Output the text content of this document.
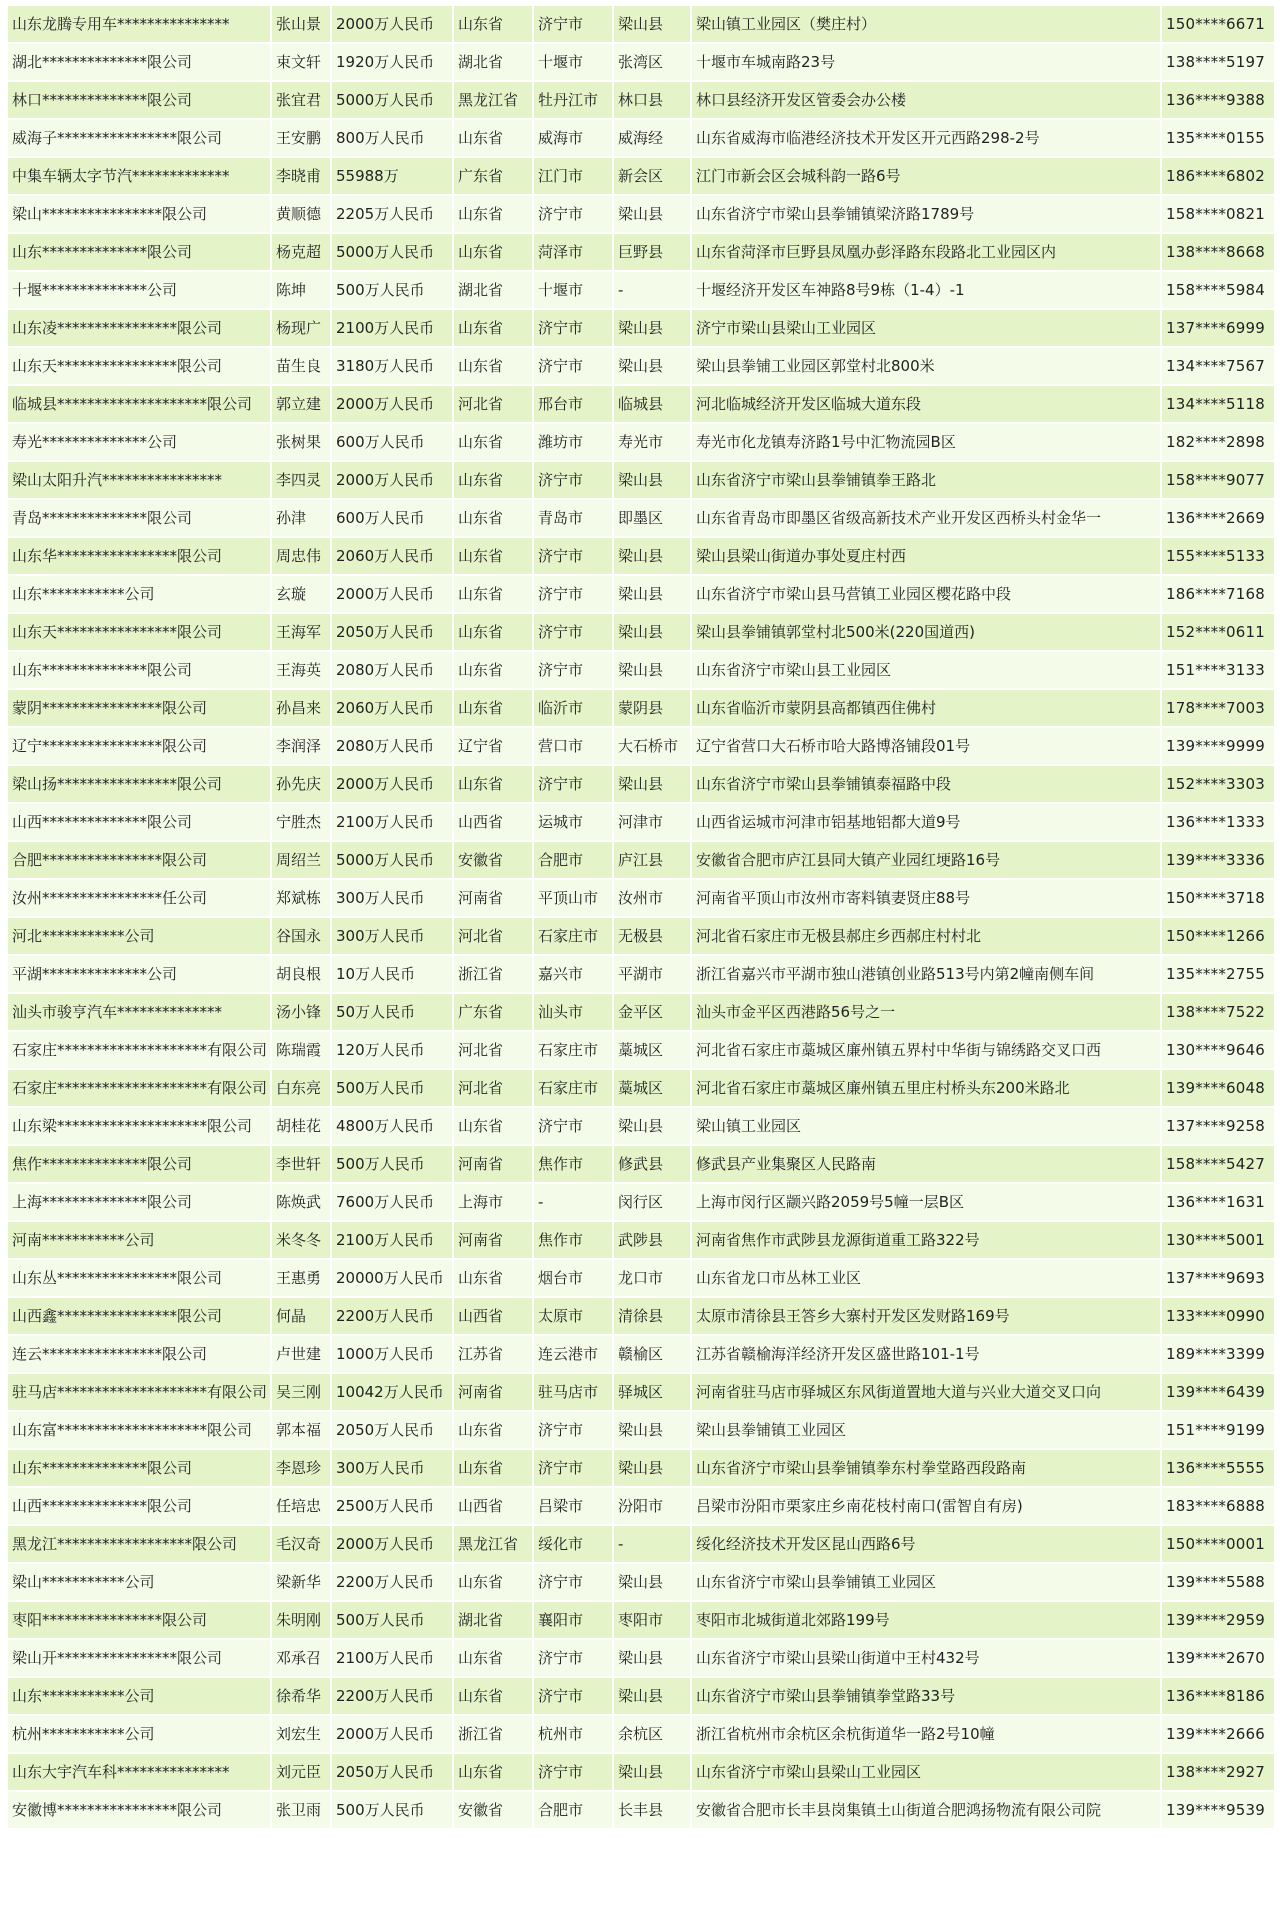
山东龙腾专用车***************	张山景	2000万人民币	山东省	济宁市	梁山县	梁山镇工业园区（樊庄村）	150****6671
湖北**************限公司	束文轩	1920万人民币	湖北省	十堰市	张湾区	十堰市车城南路23号	138****5197
林口**************限公司	张宜君	5000万人民币	黑龙江省	牡丹江市	林口县	林口县经济开发区管委会办公楼	136****9388
威海子****************限公司	王安鹏	800万人民币	山东省	威海市	威海经	山东省威海市临港经济技术开发区开元西路298-2号	135****0155
中集车辆太字节汽*************	李晓甫	55988万	广东省	江门市	新会区	江门市新会区会城科韵一路6号	186****6802
梁山****************限公司	黄顺德	2205万人民币	山东省	济宁市	梁山县	山东省济宁市梁山县拳铺镇梁济路1789号	158****0821
山东**************限公司	杨克超	5000万人民币	山东省	菏泽市	巨野县	山东省菏泽市巨野县凤凰办彭泽路东段路北工业园区内	138****8668
十堰**************公司	陈坤	500万人民币	湖北省	十堰市	-	十堰经济开发区车神路8号9栋（1-4）-1	158****5984
山东凌****************限公司	杨现广	2100万人民币	山东省	济宁市	梁山县	济宁市梁山县梁山工业园区	137****6999
山东天****************限公司	苗生良	3180万人民币	山东省	济宁市	梁山县	梁山县拳铺工业园区郭堂村北800米	134****7567
临城县********************限公司	郭立建	2000万人民币	河北省	邢台市	临城县	河北临城经济开发区临城大道东段	134****5118
寿光**************公司	张树果	600万人民币	山东省	潍坊市	寿光市	寿光市化龙镇寿济路1号中汇物流园B区	182****2898
梁山太阳升汽****************	李四灵	2000万人民币	山东省	济宁市	梁山县	山东省济宁市梁山县拳铺镇拳王路北	158****9077
青岛**************限公司	孙津	600万人民币	山东省	青岛市	即墨区	山东省青岛市即墨区省级高新技术产业开发区西桥头村金华一	136****2669
山东华****************限公司	周忠伟	2060万人民币	山东省	济宁市	梁山县	梁山县梁山街道办事处夏庄村西	155****5133
山东***********公司	玄璇	2000万人民币	山东省	济宁市	梁山县	山东省济宁市梁山县马营镇工业园区樱花路中段	186****7168
山东天****************限公司	王海军	2050万人民币	山东省	济宁市	梁山县	梁山县拳铺镇郭堂村北500米(220国道西)	152****0611
山东**************限公司	王海英	2080万人民币	山东省	济宁市	梁山县	山东省济宁市梁山县工业园区	151****3133
蒙阴****************限公司	孙昌来	2060万人民币	山东省	临沂市	蒙阴县	山东省临沂市蒙阴县高都镇西住佛村	178****7003
辽宁****************限公司	李润泽	2080万人民币	辽宁省	营口市	大石桥市	辽宁省营口大石桥市哈大路博洛铺段01号	139****9999
梁山扬****************限公司	孙先庆	2000万人民币	山东省	济宁市	梁山县	山东省济宁市梁山县拳铺镇泰福路中段	152****3303
山西**************限公司	宁胜杰	2100万人民币	山西省	运城市	河津市	山西省运城市河津市铝基地铝都大道9号	136****1333
合肥****************限公司	周绍兰	5000万人民币	安徽省	合肥市	庐江县	安徽省合肥市庐江县同大镇产业园红埂路16号	139****3336
汝州****************任公司	郑斌栋	300万人民币	河南省	平顶山市	汝州市	河南省平顶山市汝州市寄料镇妻贤庄88号	150****3718
河北***********公司	谷国永	300万人民币	河北省	石家庄市	无极县	河北省石家庄市无极县郝庄乡西郝庄村村北	150****1266
平湖**************公司	胡良根	10万人民币	浙江省	嘉兴市	平湖市	浙江省嘉兴市平湖市独山港镇创业路513号内第2幢南侧车间	135****2755
汕头市骏亨汽车**************	汤小锋	50万人民币	广东省	汕头市	金平区	汕头市金平区西港路56号之一	138****7522
石家庄********************有限公司	陈瑞霞	120万人民币	河北省	石家庄市	藁城区	河北省石家庄市藁城区廉州镇五界村中华街与锦绣路交叉口西	130****9646
石家庄********************有限公司	白东亮	500万人民币	河北省	石家庄市	藁城区	河北省石家庄市藁城区廉州镇五里庄村桥头东200米路北	139****6048
山东梁********************限公司	胡桂花	4800万人民币	山东省	济宁市	梁山县	梁山镇工业园区	137****9258
焦作**************限公司	李世轩	500万人民币	河南省	焦作市	修武县	修武县产业集聚区人民路南	158****5427
上海**************限公司	陈焕武	7600万人民币	上海市	-	闵行区	上海市闵行区颛兴路2059号5幢一层B区	136****1631
河南***********公司	米冬冬	2100万人民币	河南省	焦作市	武陟县	河南省焦作市武陟县龙源街道重工路322号	130****5001
山东丛****************限公司	王惠勇	20000万人民币	山东省	烟台市	龙口市	山东省龙口市丛林工业区	137****9693
山西鑫****************限公司	何晶	2200万人民币	山西省	太原市	清徐县	太原市清徐县王答乡大寨村开发区发财路169号	133****0990
连云****************限公司	卢世建	1000万人民币	江苏省	连云港市	赣榆区	江苏省赣榆海洋经济开发区盛世路101-1号	189****3399
驻马店********************有限公司	吴三刚	10042万人民币	河南省	驻马店市	驿城区	河南省驻马店市驿城区东风街道置地大道与兴业大道交叉口向	139****6439
山东富********************限公司	郭本福	2050万人民币	山东省	济宁市	梁山县	梁山县拳铺镇工业园区	151****9199
山东**************限公司	李恩珍	300万人民币	山东省	济宁市	梁山县	山东省济宁市梁山县拳铺镇拳东村拳堂路西段路南	136****5555
山西**************限公司	任培忠	2500万人民币	山西省	吕梁市	汾阳市	吕梁市汾阳市栗家庄乡南花枝村南口(雷智自有房)	183****6888
黑龙江******************限公司	毛汉奇	2000万人民币	黑龙江省	绥化市	-	绥化经济技术开发区昆山西路6号	150****0001
梁山***********公司	梁新华	2200万人民币	山东省	济宁市	梁山县	山东省济宁市梁山县拳铺镇工业园区	139****5588
枣阳****************限公司	朱明刚	500万人民币	湖北省	襄阳市	枣阳市	枣阳市北城街道北郊路199号	139****2959
梁山开****************限公司	邓承召	2100万人民币	山东省	济宁市	梁山县	山东省济宁市梁山县梁山街道中王村432号	139****2670
山东***********公司	徐希华	2200万人民币	山东省	济宁市	梁山县	山东省济宁市梁山县拳铺镇拳堂路33号	136****8186
杭州***********公司	刘宏生	2000万人民币	浙江省	杭州市	余杭区	浙江省杭州市余杭区余杭街道华一路2号10幢	139****2666
山东大宇汽车科***************	刘元臣	2050万人民币	山东省	济宁市	梁山县	山东省济宁市梁山县梁山工业园区	138****2927
安徽博****************限公司	张卫雨	500万人民币	安徽省	合肥市	长丰县	安徽省合肥市长丰县岗集镇土山街道合肥鸿扬物流有限公司院	139****9539
